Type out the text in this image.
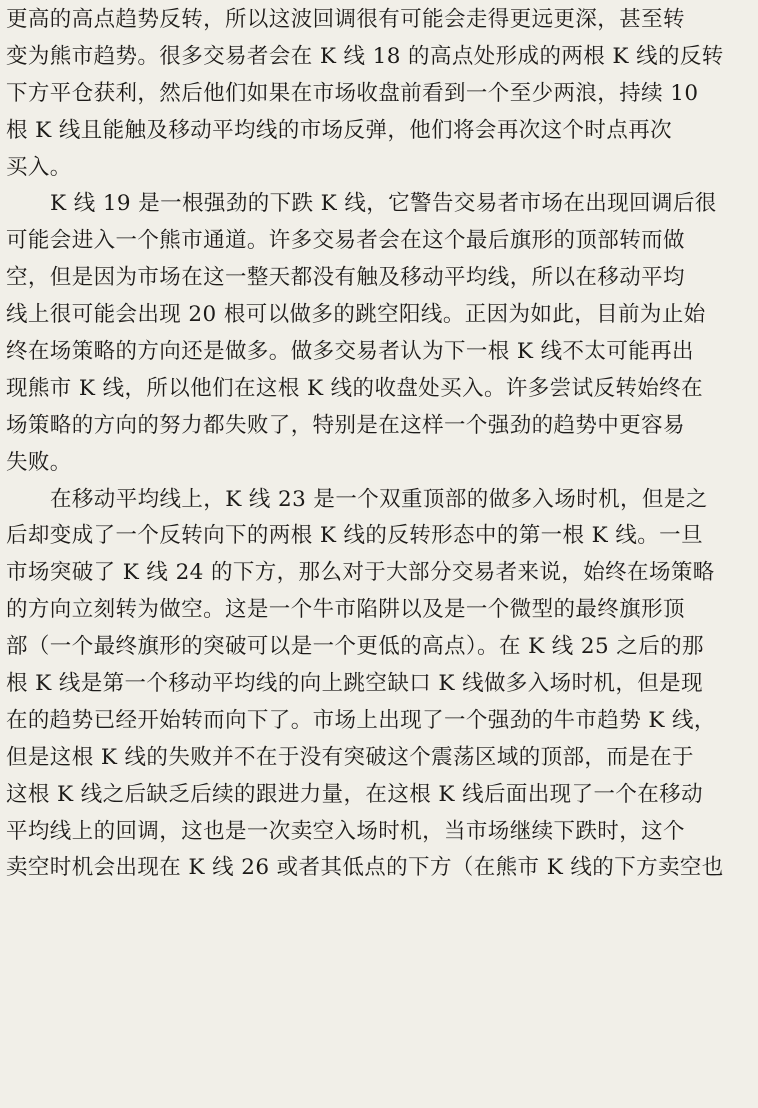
更高的高点趋势反转，所以这波回调很有可能会走得更远更深，甚至转
变为熊市趋势。很多交易者会在 K 线 18 的高点处形成的两根 K 线的反转
下方平仓获利，然后他们如果在市场收盘前看到一个至少两浪，持续 10
根 K 线且能触及移动平均线的市场反弹，他们将会再次这个时点再次
买入。
K 线 19 是一根强劲的下跌 K 线，它警告交易者市场在出现回调后很
可能会进入一个熊市通道。许多交易者会在这个最后旗形的顶部转而做
空，但是因为市场在这一整天都没有触及移动平均线，所以在移动平均
线上很可能会出现 20 根可以做多的跳空阳线。正因为如此，目前为止始
终在场策略的方向还是做多。做多交易者认为下一根 K 线不太可能再出
现熊市 K 线，所以他们在这根 K 线的收盘处买入。许多尝试反转始终在
场策略的方向的努力都失败了，特别是在这样一个强劲的趋势中更容易
失败。
在移动平均线上，K 线 23 是一个双重顶部的做多入场时机，但是之
后却变成了一个反转向下的两根 K 线的反转形态中的第一根 K 线。一旦
市场突破了 K 线 24 的下方，那么对于大部分交易者来说，始终在场策略
的方向立刻转为做空。这是一个牛市陷阱以及是一个微型的最终旗形顶
部（一个最终旗形的突破可以是一个更低的高点）。在 K 线 25 之后的那
根 K 线是第一个移动平均线的向上跳空缺口 K 线做多入场时机，但是现
在的趋势已经开始转而向下了。市场上出现了一个强劲的牛市趋势 K 线，
但是这根 K 线的失败并不在于没有突破这个震荡区域的顶部，而是在于
这根 K 线之后缺乏后续的跟进力量，在这根 K 线后面出现了一个在移动
平均线上的回调，这也是一次卖空入场时机，当市场继续下跌时，这个
卖空时机会出现在 K 线 26 或者其低点的下方（在熊市 K 线的下方卖空也
